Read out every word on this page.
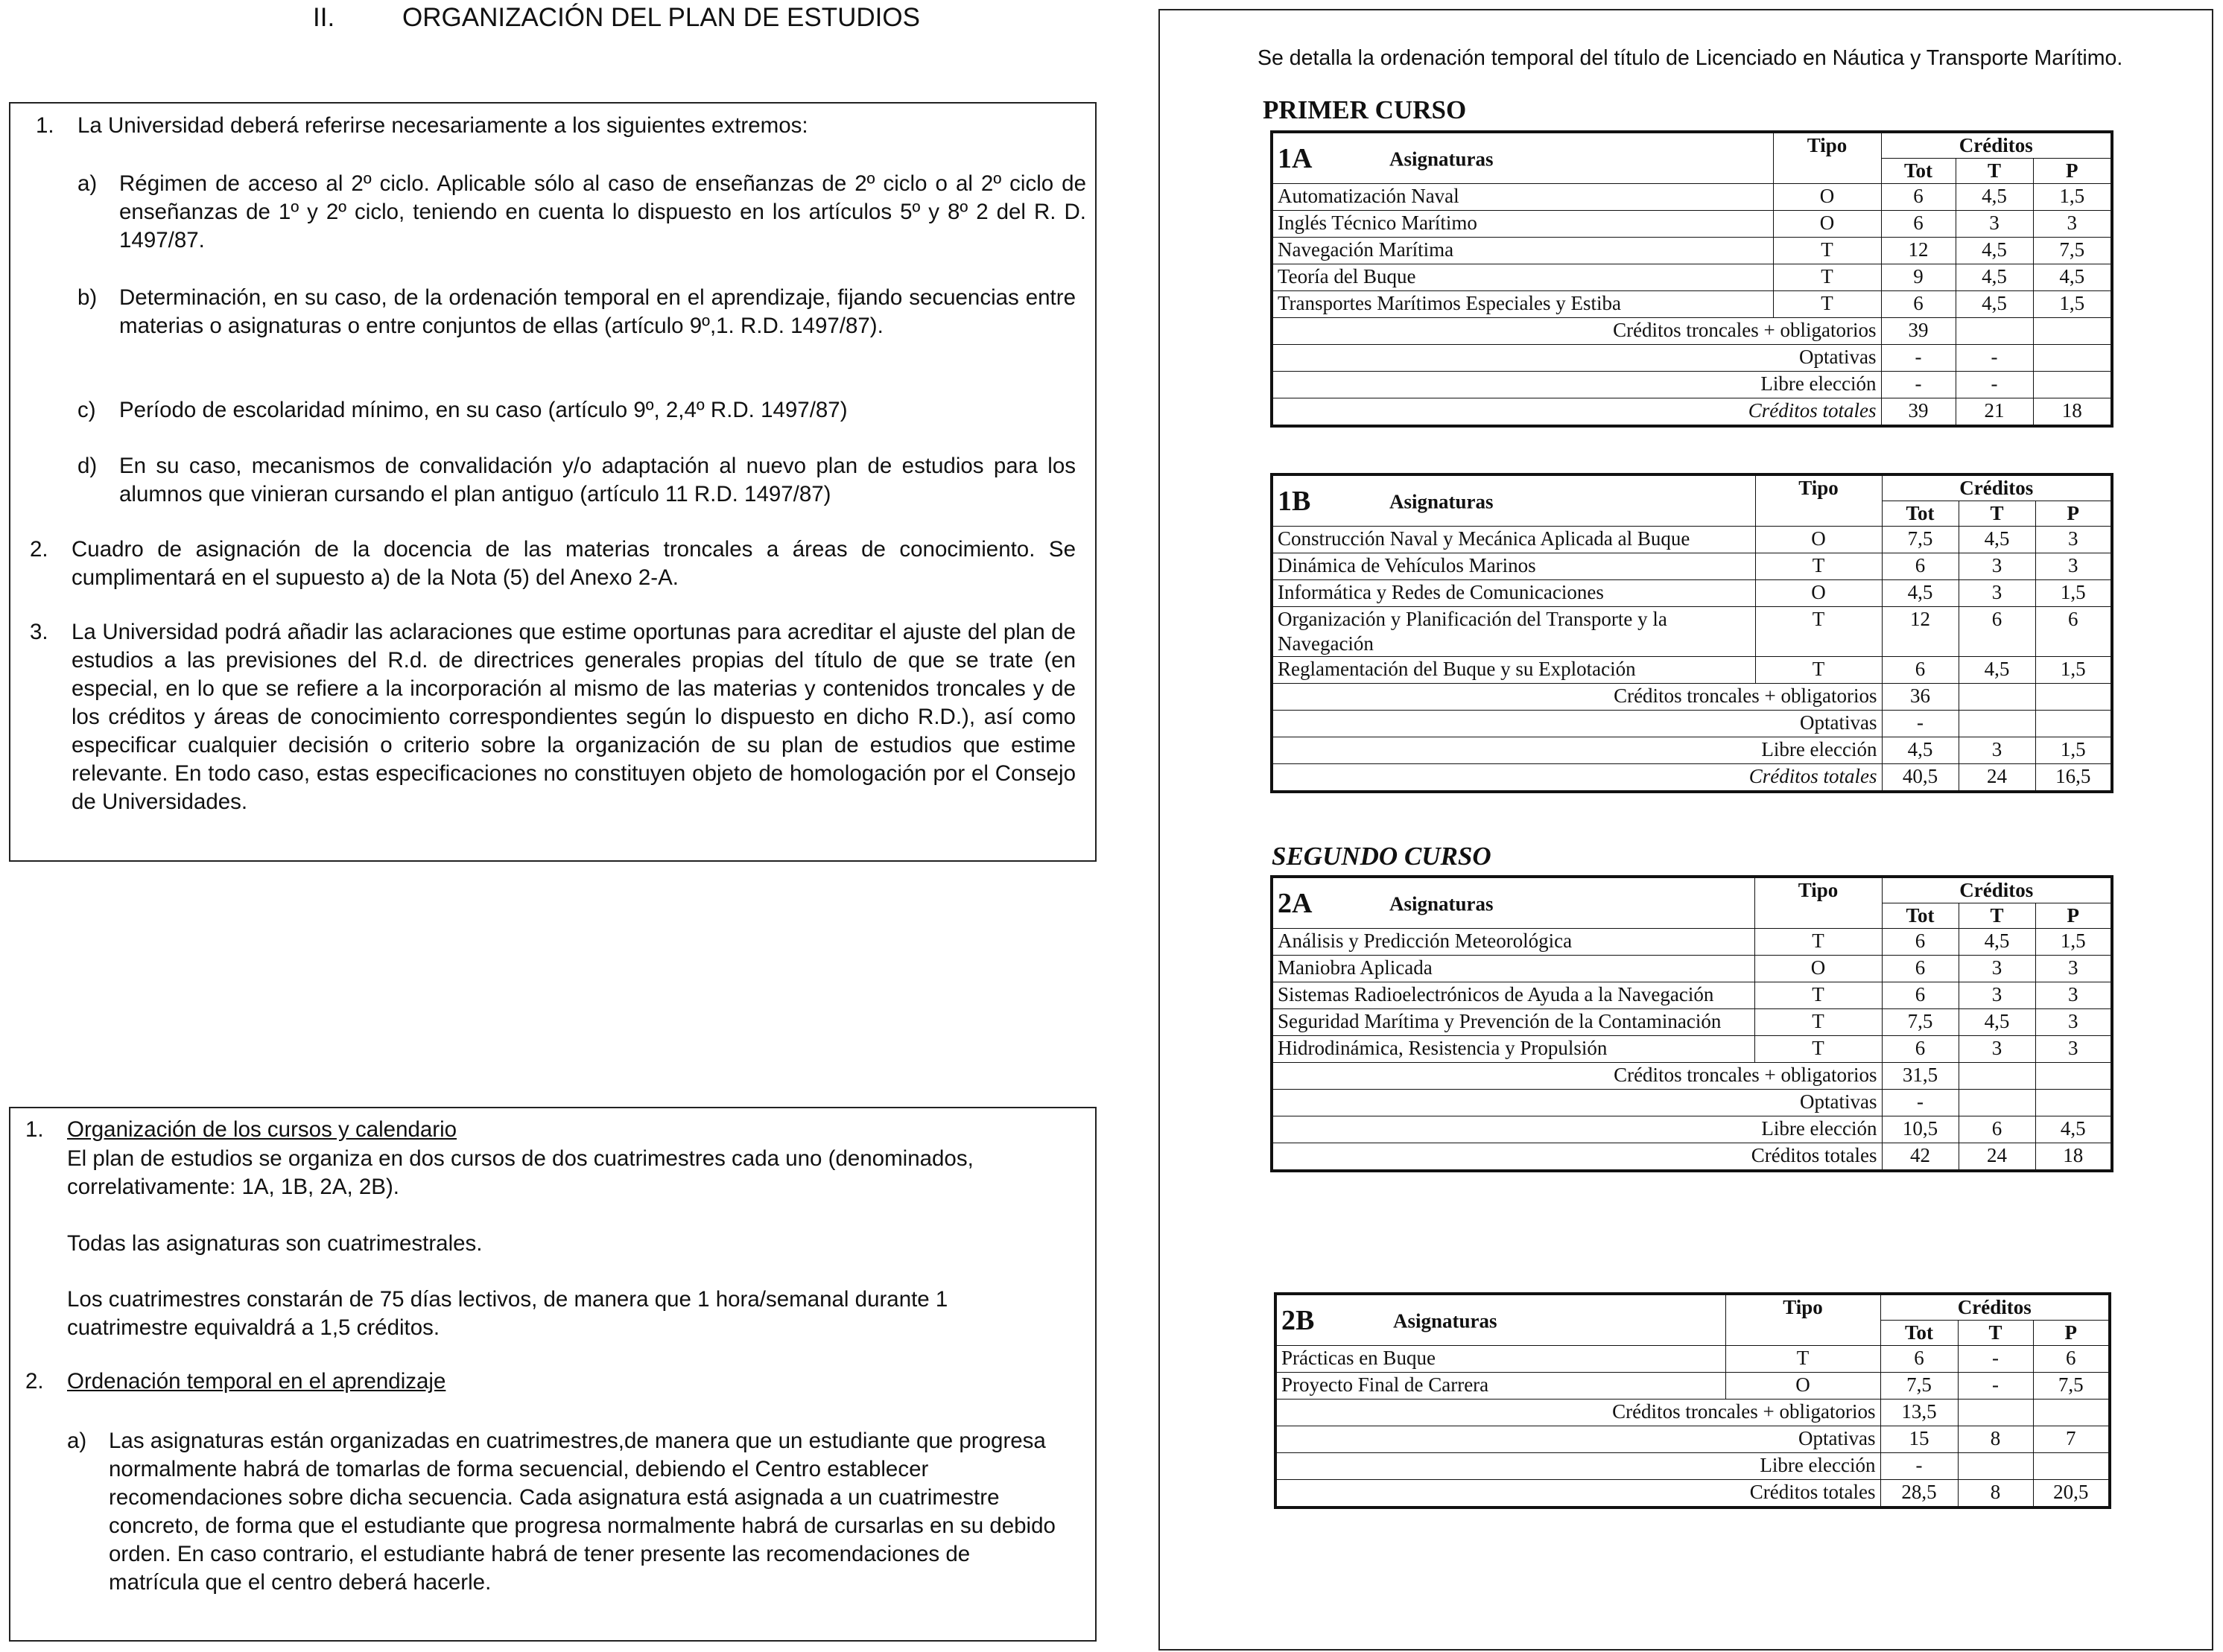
II.	ORGANIZACIÓN DEL PLAN DE ESTUDIOS
1. La Universidad deberá referirse necesariamente a los siguientes extremos:
a) Régimen de acceso al 2º ciclo. Aplicable sólo al caso de enseñanzas de 2º ciclo o al 2º ciclo de enseñanzas de 1º y 2º ciclo, teniendo en cuenta lo dispuesto en los artículos 5º y 8º 2 del R. D. 1497/87.
b) Determinación, en su caso, de la ordenación temporal en el aprendizaje, fijando secuencias entre materias o asignaturas o entre conjuntos de ellas (artículo 9º,1. R.D. 1497/87).
c) Período de escolaridad mínimo, en su caso (artículo 9º, 2,4º R.D. 1497/87)
d) En su caso, mecanismos de convalidación y/o adaptación al nuevo plan de estudios para los alumnos que vinieran cursando el plan antiguo (artículo 11 R.D. 1497/87)
2. Cuadro de asignación de la docencia de las materias troncales a áreas de conocimiento. Se cumplimentará en el supuesto a) de la Nota (5) del Anexo 2-A.
3. La Universidad podrá añadir las aclaraciones que estime oportunas para acreditar el ajuste del plan de estudios a las previsiones del R.d. de directrices generales propias del título de que se trate (en especial, en lo que se refiere a la incorporación al mismo de las materias y contenidos troncales y de los créditos y áreas de conocimiento correspondientes según lo dispuesto en dicho R.D.), así como especificar cualquier decisión o criterio sobre la organización de su plan de estudios que estime relevante. En todo caso, estas especificaciones no constituyen objeto de homologación por el Consejo de Universidades.
1. Organización de los cursos y calendario
El plan de estudios se organiza en dos cursos de dos cuatrimestres cada uno (denominados, correlativamente: 1A, 1B, 2A, 2B).
Todas las asignaturas son cuatrimestrales.
Los cuatrimestres constarán de 75 días lectivos, de manera que 1 hora/semanal durante 1 cuatrimestre equivaldrá a 1,5 créditos.
2. Ordenación temporal en el aprendizaje
a) Las asignaturas están organizadas en cuatrimestres,de manera que un estudiante que progresa normalmente habrá de tomarlas de forma secuencial, debiendo el Centro establecer recomendaciones sobre dicha secuencia. Cada asignatura está asignada a un cuatrimestre concreto, de forma que el estudiante que progresa normalmente habrá de cursarlas en su debido orden. En caso contrario, el estudiante habrá de tener presente las recomendaciones de matrícula que el centro deberá hacerle.
Se detalla la ordenación temporal del título de Licenciado en Náutica y Transporte Marítimo.
PRIMER CURSO
1A Asignaturas	Tipo	Créditos		
		Tot	T	P
Automatización Naval	O	6	4,5	1,5
Inglés Técnico Marítimo	O	6	3	3
Navegación Marítima	T	12	4,5	7,5
Teoría del Buque	T	9	4,5	4,5
Transportes Marítimos Especiales y Estiba	T	6	4,5	1,5
Créditos troncales + obligatorios		39		
Optativas		-	-	
Libre elección		-	-	
Créditos totales		39	21	18
1B Asignaturas	Tipo	Créditos		
		Tot	T	P
Construcción Naval y Mecánica Aplicada al Buque	O	7,5	4,5	3
Dinámica de Vehículos Marinos	T	6	3	3
Informática y Redes de Comunicaciones	O	4,5	3	1,5
Organización y Planificación del Transporte y la Navegación	T	12	6	6
Reglamentación del Buque y su Explotación	T	6	4,5	1,5
Créditos troncales + obligatorios		36		
Optativas		-		
Libre elección		4,5	3	1,5
Créditos totales		40,5	24	16,5
SEGUNDO CURSO
2A Asignaturas	Tipo	Créditos		
		Tot	T	P
Análisis y Predicción Meteorológica	T	6	4,5	1,5
Maniobra Aplicada	O	6	3	3
Sistemas Radioelectrónicos de Ayuda a la Navegación	T	6	3	3
Seguridad Marítima y Prevención de la Contaminación	T	7,5	4,5	3
Hidrodinámica, Resistencia y Propulsión	T	6	3	3
Créditos troncales + obligatorios		31,5		
Optativas		-		
Libre elección		10,5	6	4,5
Créditos totales		42	24	18
2B Asignaturas	Tipo	Créditos		
		Tot	T	P
Prácticas en Buque	T	6	-	6
Proyecto Final de Carrera	O	7,5	-	7,5
Créditos troncales + obligatorios		13,5		
Optativas		15	8	7
Libre elección		-		
Créditos totales		28,5	8	20,5
